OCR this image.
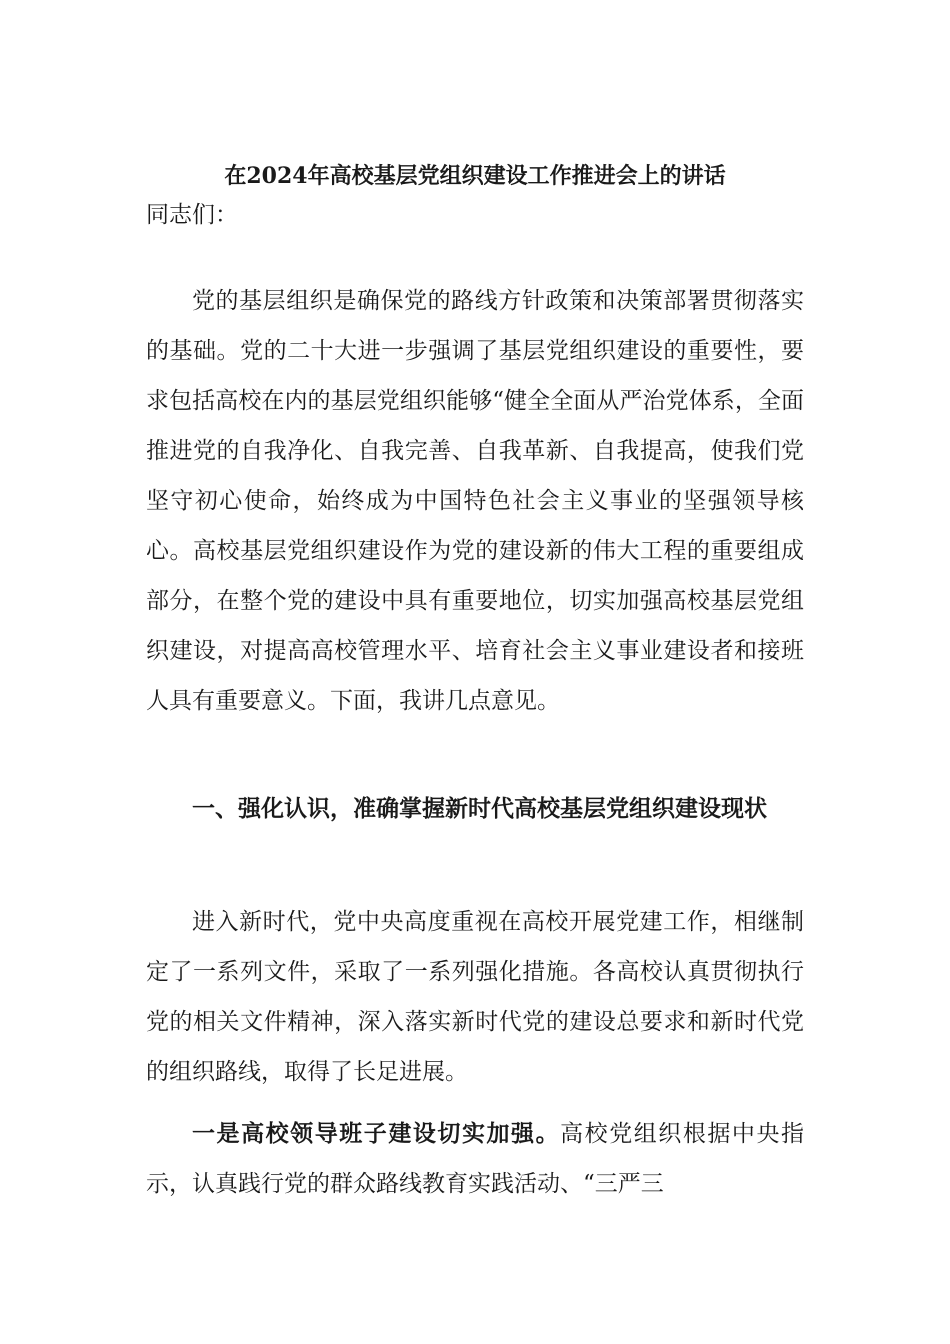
在2024年高校基层党组织建设工作推进会上的讲话
同志们：

党的基层组织是确保党的路线方针政策和决策部署贯彻落实的基础。党的二十大进一步强调了基层党组织建设的重要性，要求包括高校在内的基层党组织能够“健全全面从严治党体系，全面推进党的自我净化、自我完善、自我革新、自我提高，使我们党坚守初心使命，始终成为中国特色社会主义事业的坚强领导核心。高校基层党组织建设作为党的建设新的伟大工程的重要组成部分，在整个党的建设中具有重要地位，切实加强高校基层党组织建设，对提高高校管理水平、培育社会主义事业建设者和接班人具有重要意义。下面，我讲几点意见。

一、强化认识，准确掌握新时代高校基层党组织建设现状

进入新时代，党中央高度重视在高校开展党建工作，相继制定了一系列文件，采取了一系列强化措施。各高校认真贯彻执行党的相关文件精神，深入落实新时代党的建设总要求和新时代党的组织路线，取得了长足进展。

一是高校领导班子建设切实加强。高校党组织根据中央指示，认真践行党的群众路线教育实践活动、“三严三
